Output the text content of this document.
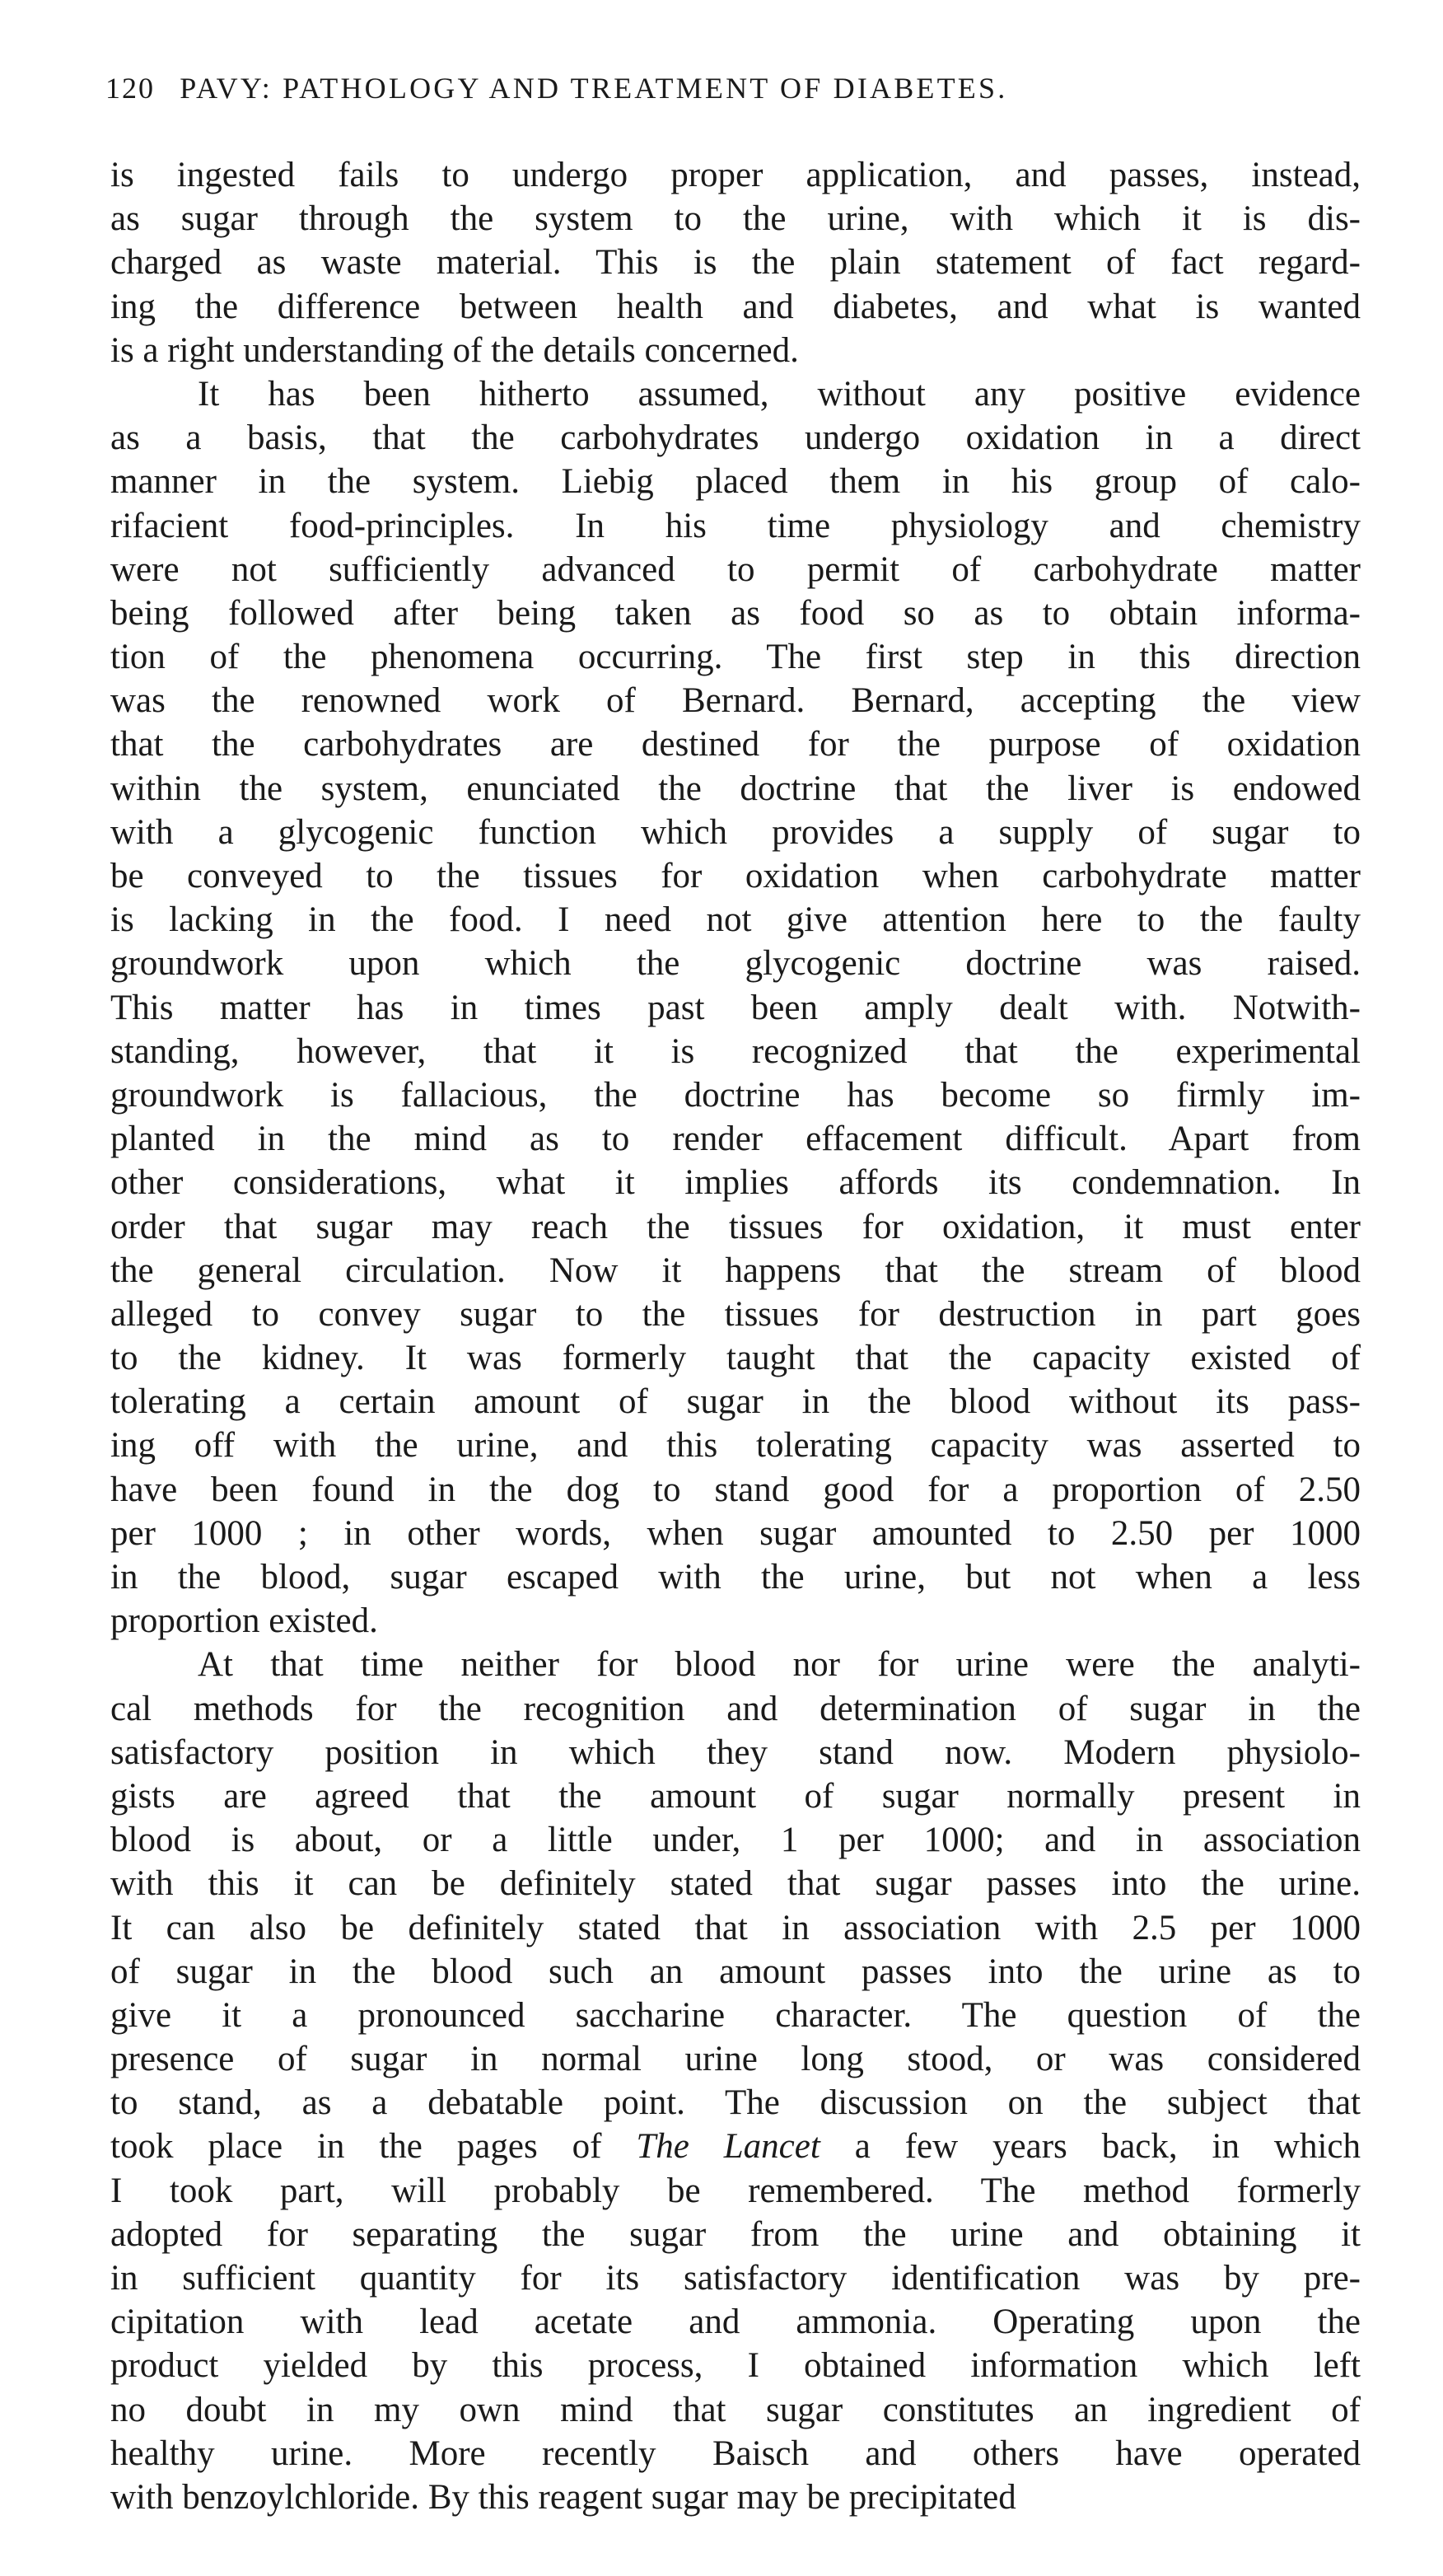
120 PAVY: PATHOLOGY AND TREATMENT OF DIABETES.
is ingested fails to undergo proper application, and passes, instead,
as sugar through the system to the urine, with which it is dis-
charged as waste material. This is the plain statement of fact regard-
ing the difference between health and diabetes, and what is wanted
is a right understanding of the details concerned.
It has been hitherto assumed, without any positive evidence
as a basis, that the carbohydrates undergo oxidation in a direct
manner in the system. Liebig placed them in his group of calo-
rifacient food-principles. In his time physiology and chemistry
were not sufficiently advanced to permit of carbohydrate matter
being followed after being taken as food so as to obtain informa-
tion of the phenomena occurring. The first step in this direction
was the renowned work of Bernard. Bernard, accepting the view
that the carbohydrates are destined for the purpose of oxidation
within the system, enunciated the doctrine that the liver is endowed
with a glycogenic function which provides a supply of sugar to
be conveyed to the tissues for oxidation when carbohydrate matter
is lacking in the food. I need not give attention here to the faulty
groundwork upon which the glycogenic doctrine was raised.
This matter has in times past been amply dealt with. Notwith-
standing, however, that it is recognized that the experimental
groundwork is fallacious, the doctrine has become so firmly im-
planted in the mind as to render effacement difficult. Apart from
other considerations, what it implies affords its condemnation. In
order that sugar may reach the tissues for oxidation, it must enter
the general circulation. Now it happens that the stream of blood
alleged to convey sugar to the tissues for destruction in part goes
to the kidney. It was formerly taught that the capacity existed of
tolerating a certain amount of sugar in the blood without its pass-
ing off with the urine, and this tolerating capacity was asserted to
have been found in the dog to stand good for a proportion of 2.50
per 1000 ; in other words, when sugar amounted to 2.50 per 1000
in the blood, sugar escaped with the urine, but not when a less
proportion existed.
At that time neither for blood nor for urine were the analyti-
cal methods for the recognition and determination of sugar in the
satisfactory position in which they stand now. Modern physiolo-
gists are agreed that the amount of sugar normally present in
blood is about, or a little under, 1 per 1000; and in association
with this it can be definitely stated that sugar passes into the urine.
It can also be definitely stated that in association with 2.5 per 1000
of sugar in the blood such an amount passes into the urine as to
give it a pronounced saccharine character. The question of the
presence of sugar in normal urine long stood, or was considered
to stand, as a debatable point. The discussion on the subject that
took place in the pages of The Lancet a few years back, in which
I took part, will probably be remembered. The method formerly
adopted for separating the sugar from the urine and obtaining it
in sufficient quantity for its satisfactory identification was by pre-
cipitation with lead acetate and ammonia. Operating upon the
product yielded by this process, I obtained information which left
no doubt in my own mind that sugar constitutes an ingredient of
healthy urine. More recently Baisch and others have operated
with benzoylchloride. By this reagent sugar may be precipitated
